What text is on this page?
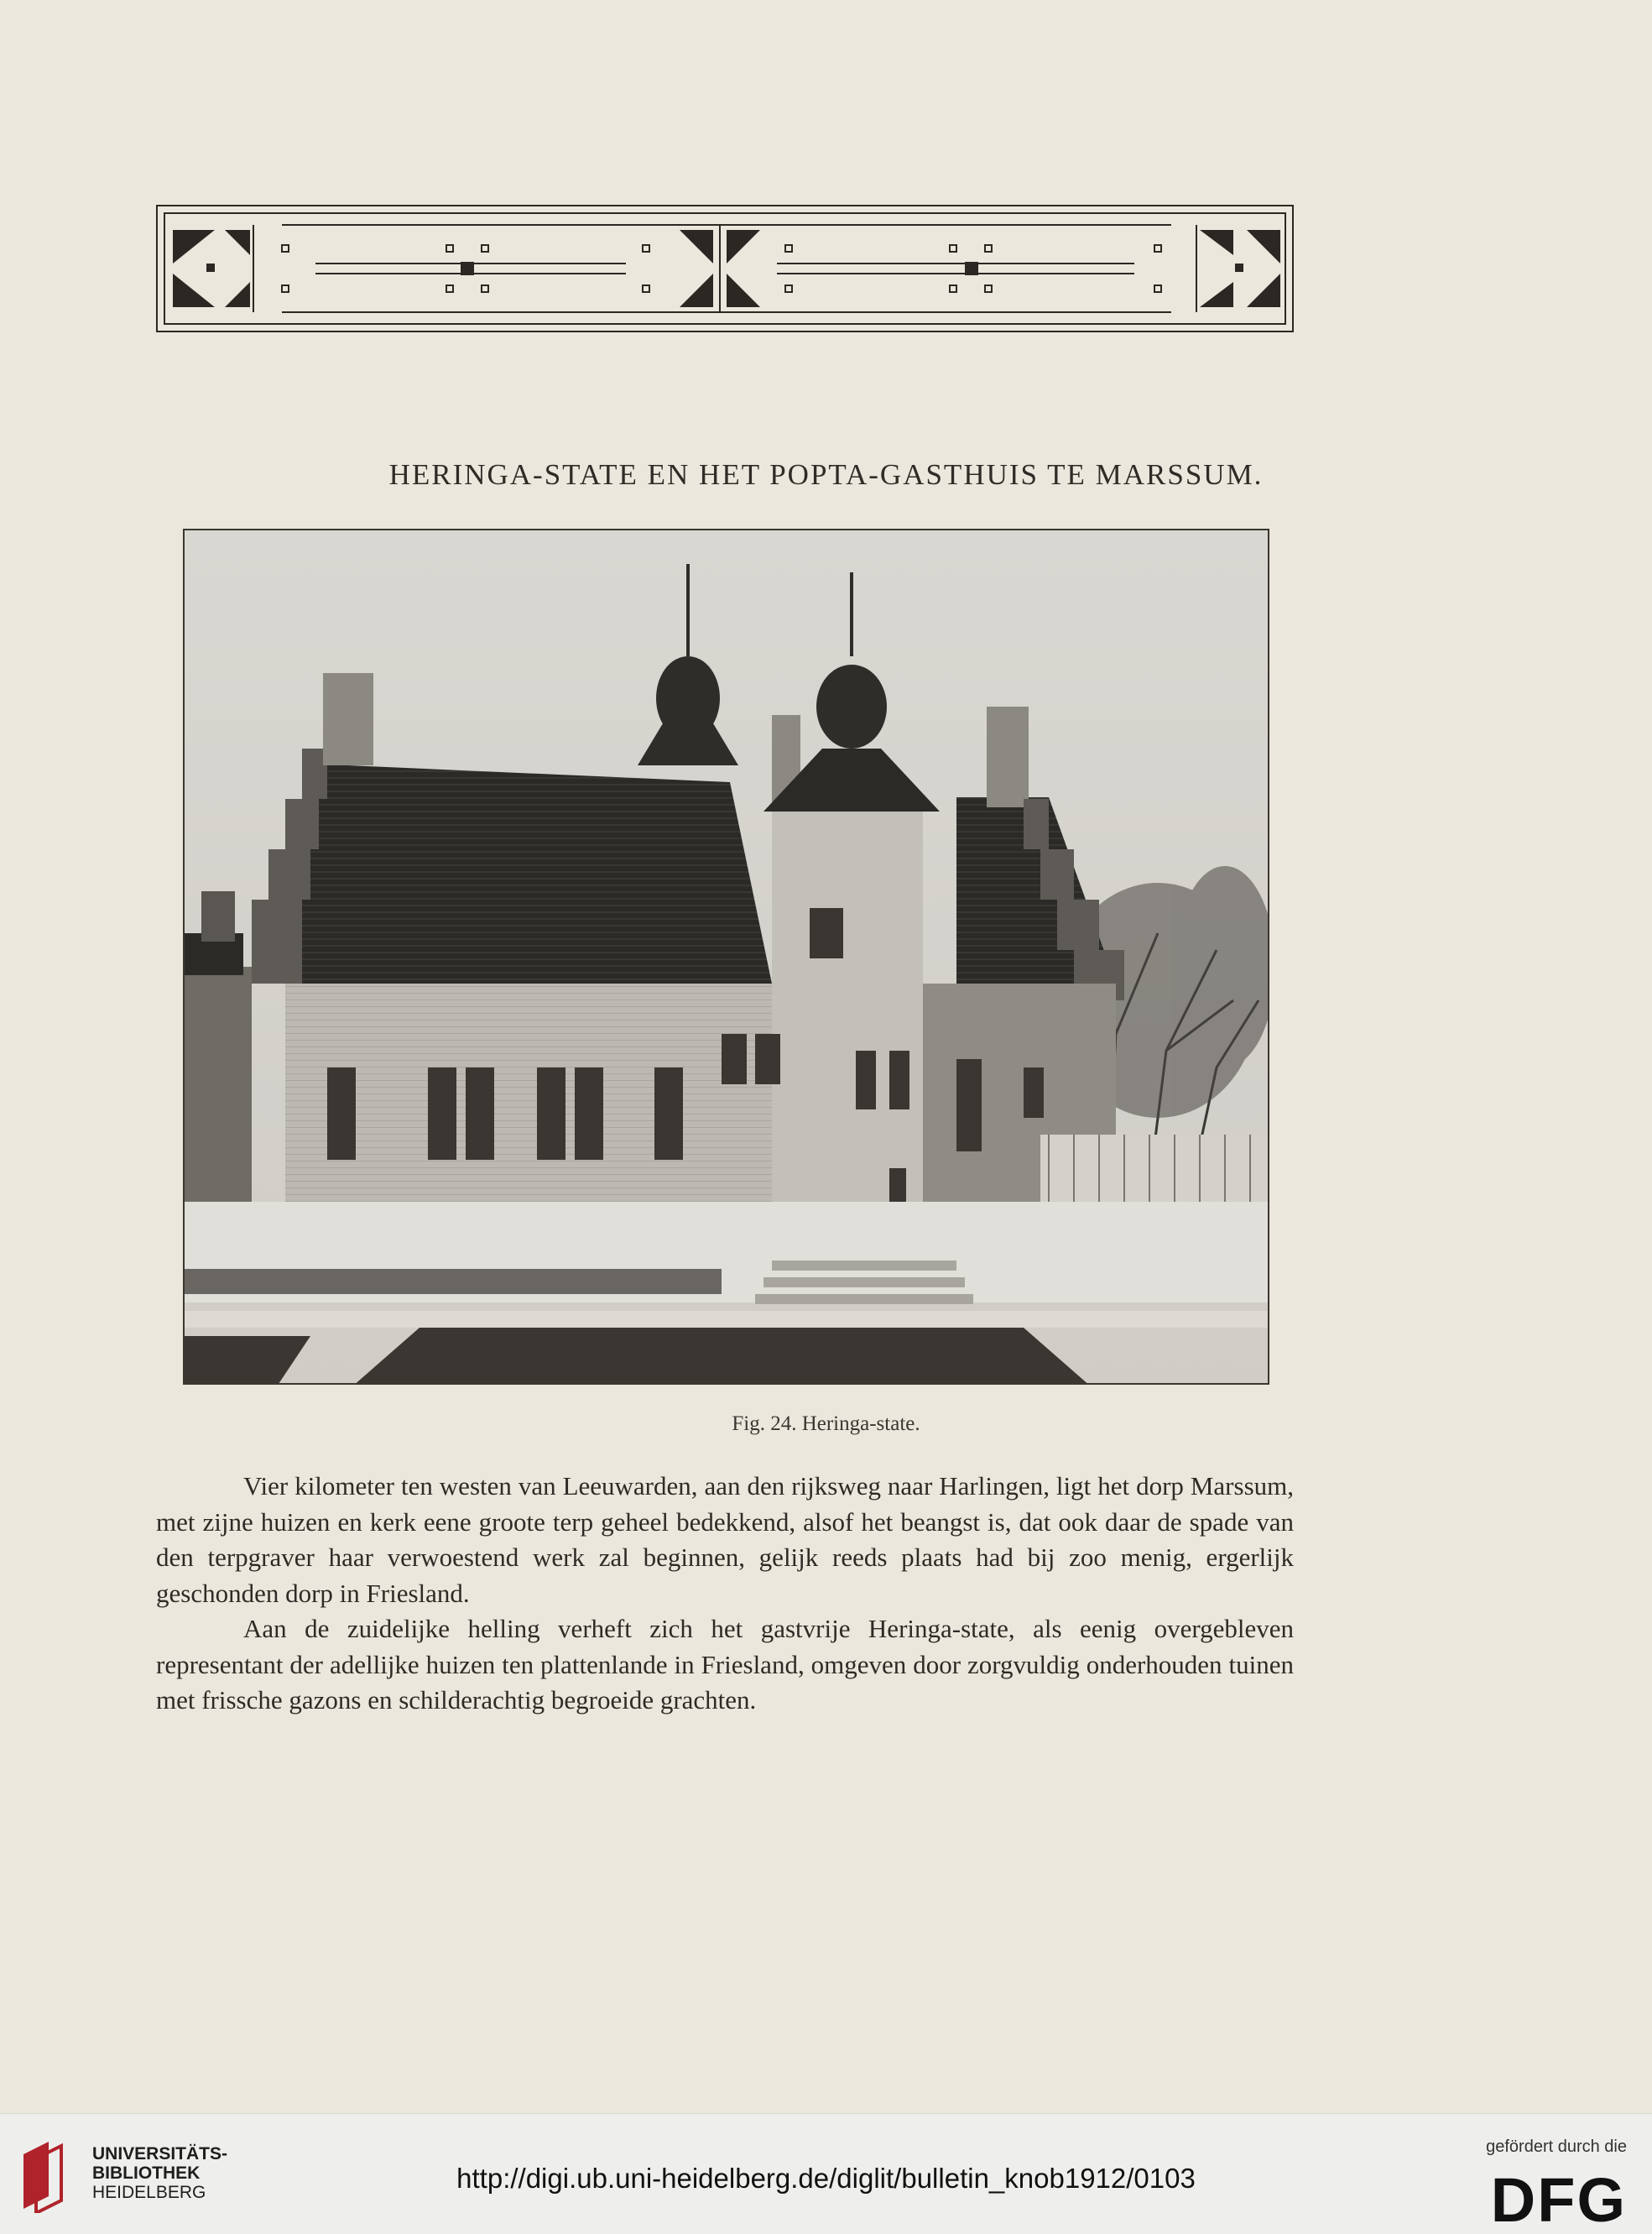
HERINGA-STATE EN HET POPTA-GASTHUIS TE MARSSUM.
Fig. 24. Heringa-state.

Vier kilometer ten westen van Leeuwarden, aan den rijksweg naar Harlingen, ligt het dorp Marssum, met zijne huizen en kerk eene groote terp geheel bedekkend, alsof het beangst is, dat ook daar de spade van den terpgraver haar verwoestend werk zal beginnen, gelijk reeds plaats had bij zoo menig, ergerlijk geschonden dorp in Friesland.

Aan de zuidelijke helling verheft zich het gastvrije Heringa-state, als eenig overgebleven representant der adellijke huizen ten plattenlande in Friesland, omgeven door zorgvuldig onderhouden tuinen met frissche gazons en schilderachtig begroeide grachten.

UNIVERSITÄTS-
BIBLIOTHEK
HEIDELBERG	http://digi.ub.uni-heidelberg.de/diglit/bulletin_knob1912/0103
gefördert durch die
DFG
